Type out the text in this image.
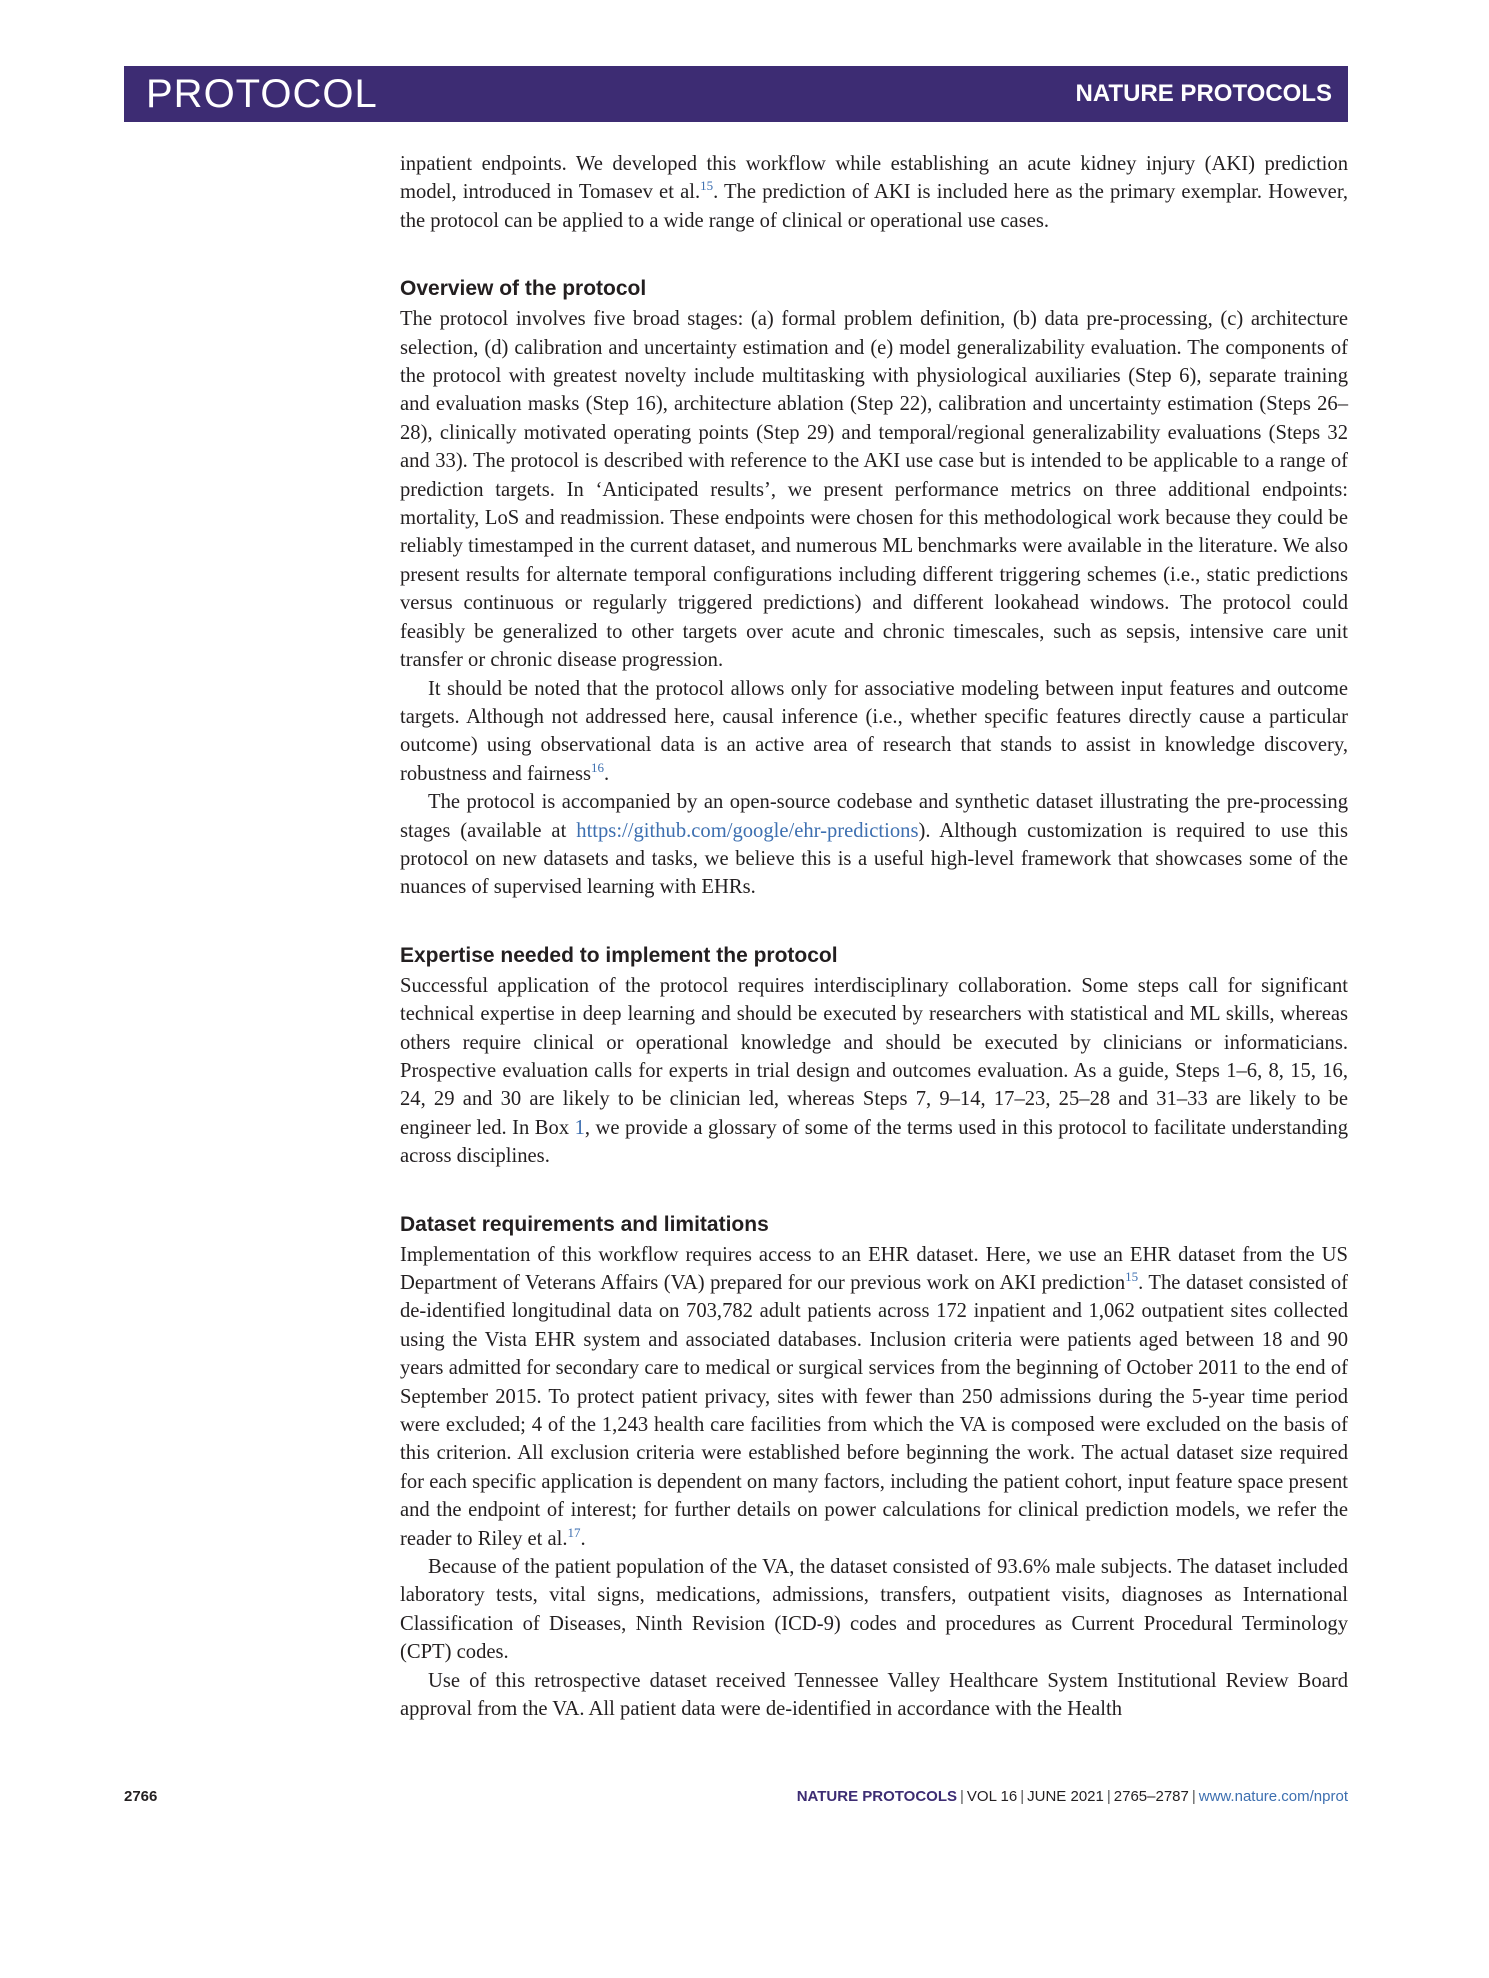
PROTOCOL	NATURE PROTOCOLS

inpatient endpoints. We developed this workflow while establishing an acute kidney injury (AKI) prediction model, introduced in Tomasev et al.$^{15}$. The prediction of AKI is included here as the primary exemplar. However, the protocol can be applied to a wide range of clinical or operational use cases.

Overview of the protocol

The protocol involves five broad stages: (a) formal problem definition, (b) data pre-processing, (c) architecture selection, (d) calibration and uncertainty estimation and (e) model generalizability evaluation. The components of the protocol with greatest novelty include multitasking with physiological auxiliaries (Step 6), separate training and evaluation masks (Step 16), architecture ablation (Step 22), calibration and uncertainty estimation (Steps 26–28), clinically motivated operating points (Step 29) and temporal/regional generalizability evaluations (Steps 32 and 33). The protocol is described with reference to the AKI use case but is intended to be applicable to a range of prediction targets. In ‘Anticipated results’, we present performance metrics on three additional endpoints: mortality, LoS and readmission. These endpoints were chosen for this methodological work because they could be reliably timestamped in the current dataset, and numerous ML benchmarks were available in the literature. We also present results for alternate temporal configurations including different triggering schemes (i.e., static predictions versus continuous or regularly triggered predictions) and different lookahead windows. The protocol could feasibly be generalized to other targets over acute and chronic timescales, such as sepsis, intensive care unit transfer or chronic disease progression.

It should be noted that the protocol allows only for associative modeling between input features and outcome targets. Although not addressed here, causal inference (i.e., whether specific features directly cause a particular outcome) using observational data is an active area of research that stands to assist in knowledge discovery, robustness and fairness$^{16}$.

The protocol is accompanied by an open-source codebase and synthetic dataset illustrating the pre-processing stages (available at https://github.com/google/ehr-predictions). Although customization is required to use this protocol on new datasets and tasks, we believe this is a useful high-level framework that showcases some of the nuances of supervised learning with EHRs.

Expertise needed to implement the protocol

Successful application of the protocol requires interdisciplinary collaboration. Some steps call for significant technical expertise in deep learning and should be executed by researchers with statistical and ML skills, whereas others require clinical or operational knowledge and should be executed by clinicians or informaticians. Prospective evaluation calls for experts in trial design and outcomes evaluation. As a guide, Steps 1–6, 8, 15, 16, 24, 29 and 30 are likely to be clinician led, whereas Steps 7, 9–14, 17–23, 25–28 and 31–33 are likely to be engineer led. In Box 1, we provide a glossary of some of the terms used in this protocol to facilitate understanding across disciplines.

Dataset requirements and limitations

Implementation of this workflow requires access to an EHR dataset. Here, we use an EHR dataset from the US Department of Veterans Affairs (VA) prepared for our previous work on AKI prediction$^{15}$. The dataset consisted of de-identified longitudinal data on 703,782 adult patients across 172 inpatient and 1,062 outpatient sites collected using the Vista EHR system and associated databases. Inclusion criteria were patients aged between 18 and 90 years admitted for secondary care to medical or surgical services from the beginning of October 2011 to the end of September 2015. To protect patient privacy, sites with fewer than 250 admissions during the 5-year time period were excluded; 4 of the 1,243 health care facilities from which the VA is composed were excluded on the basis of this criterion. All exclusion criteria were established before beginning the work. The actual dataset size required for each specific application is dependent on many factors, including the patient cohort, input feature space present and the endpoint of interest; for further details on power calculations for clinical prediction models, we refer the reader to Riley et al.$^{17}$.

Because of the patient population of the VA, the dataset consisted of 93.6% male subjects. The dataset included laboratory tests, vital signs, medications, admissions, transfers, outpatient visits, diagnoses as International Classification of Diseases, Ninth Revision (ICD-9) codes and procedures as Current Procedural Terminology (CPT) codes.

Use of this retrospective dataset received Tennessee Valley Healthcare System Institutional Review Board approval from the VA. All patient data were de-identified in accordance with the Health

2766	NATURE PROTOCOLS | VOL 16 | JUNE 2021 | 2765–2787 | www.nature.com/nprot
